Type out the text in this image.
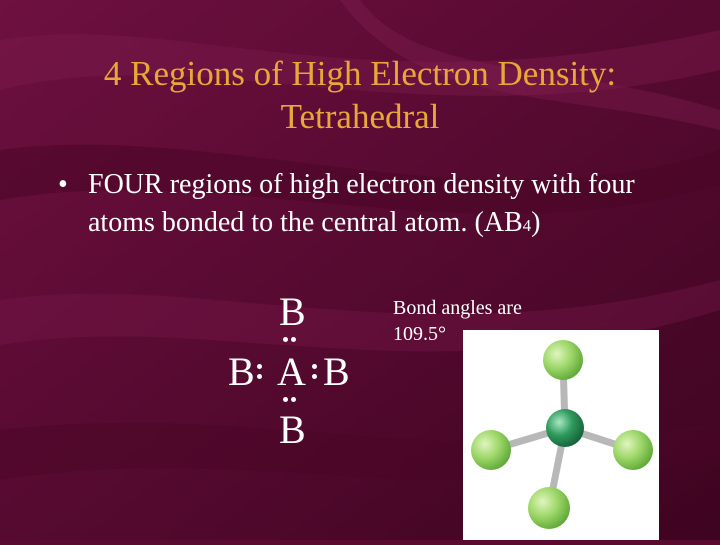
4 Regions of High Electron Density:
Tetrahedral
• FOUR regions of high electron density with four atoms bonded to the central atom. (AB4)
B
B A B
B
Bond angles are
109.5°
